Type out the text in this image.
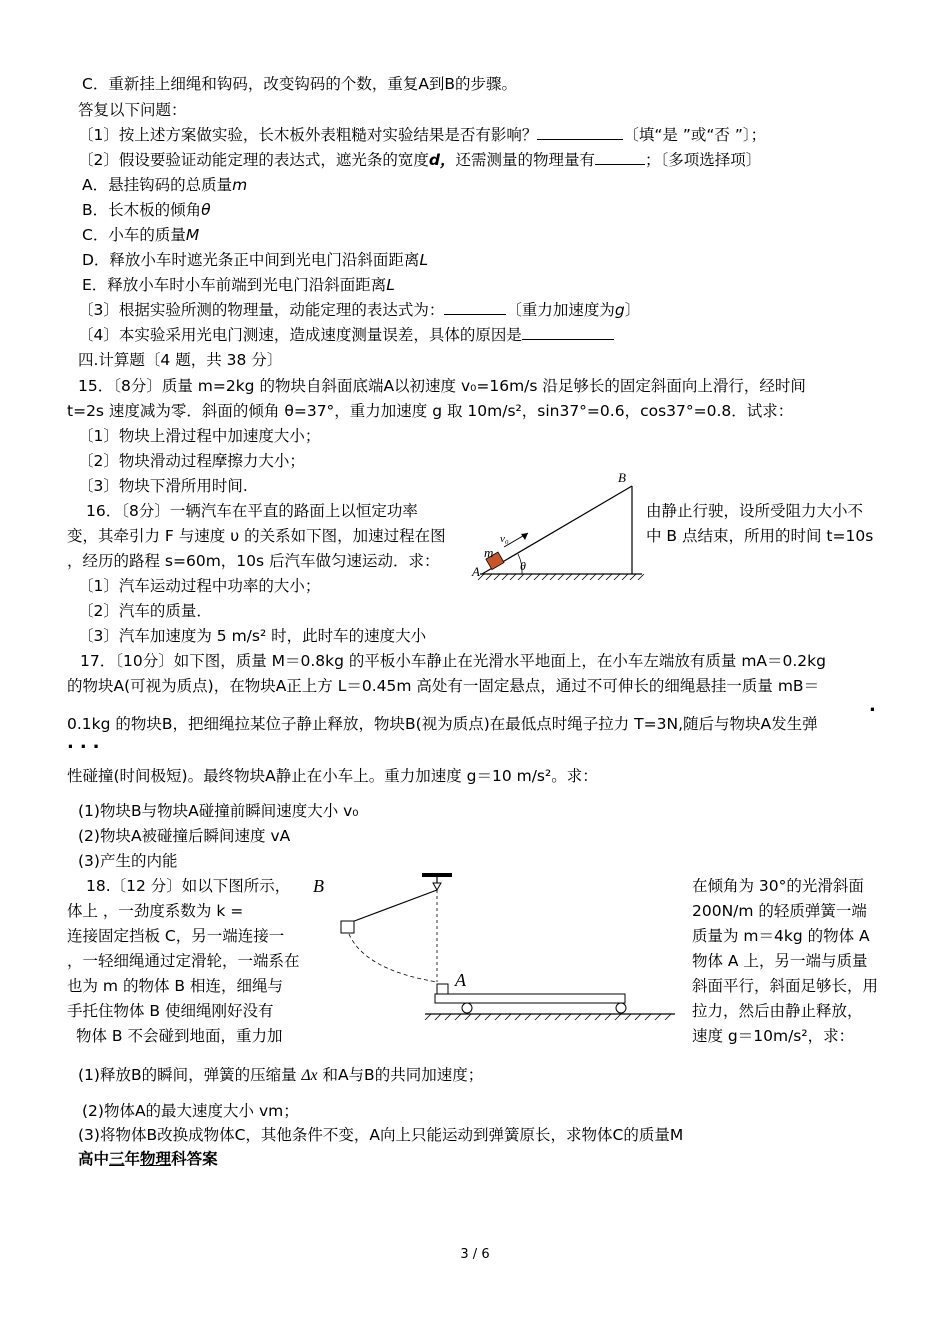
C．重新挂上细绳和钩码，改变钩码的个数，重复A到B的步骤。
答复以下问题：
〔1〕按上述方案做实验，长木板外表粗糙对实验结果是否有影响？	〔填“是 ”或“否 ”〕；
〔2〕假设要验证动能定理的表达式，遮光条的宽度d，还需测量的物理量有	；〔多项选择项〕
A．悬挂钩码的总质量m
B．长木板的倾角θ
C．小车的质量M
D．释放小车时遮光条正中间到光电门沿斜面距离L
E．释放小车时小车前端到光电门沿斜面距离L
〔3〕根据实验所测的物理量，动能定理的表达式为：	〔重力加速度为g〕
〔4〕本实验采用光电门测速，造成速度测量误差，具体的原因是
四.计算题〔4 题，共 38 分〕
15．〔8分〕质量 m=2kg 的物块自斜面底端A以初速度 v₀=16m/s 沿足够长的固定斜面向上滑行，经时间
t=2s 速度减为零．斜面的倾角 θ=37°，重力加速度 g 取 10m/s²，sin37°=0.6，cos37°=0.8．试求：
〔1〕物块上滑过程中加速度大小；
〔2〕物块滑动过程摩擦力大小；
〔3〕物块下滑所用时间.	B
A
m
v₀
θ
16．〔8分〕一辆汽车在平直的路面上以恒定功率	由静止行驶，设所受阻力大小不
变，其牵引力 F 与速度 υ 的关系如下图，加速过程在图	中 B 点结束，所用的时间 t=10s
，经历的路程 s=60m，10s 后汽车做匀速运动．求：
〔1〕汽车运动过程中功率的大小；
〔2〕汽车的质量．
〔3〕汽车加速度为 5 m/s² 时，此时车的速度大小
17．〔10分〕如下图，质量 M＝0.8kg 的平板小车静止在光滑水平地面上，在小车左端放有质量 mA＝0.2kg
的物块A(可视为质点)，在物块A正上方 L＝0.45m 高处有一固定悬点，通过不可伸长的细绳悬挂一质量 mB＝
.
0.1kg 的物块B，把细绳拉某位子静止释放，物块B(视为质点)在最低点时绳子拉力 T=3N,随后与物块A发生弹
...
性碰撞(时间极短)。最终物块A静止在小车上。重力加速度 g＝10 m/s²。求：
(1)物块B与物块A碰撞前瞬间速度大小 v₀
(2)物块A被碰撞后瞬间速度 vA
(3)产生的内能
18.〔12 分〕如以下图所示，	在倾角为 30°的光滑斜面
体上 ，一劲度系数为 k =	200N/m 的轻质弹簧一端
连接固定挡板 C，另一端连接一	质量为 m＝4kg 的物体 A
，一轻细绳通过定滑轮，一端系在	物体 A 上，另一端与质量
也为 m 的物体 B 相连，细绳与	斜面平行，斜面足够长，用
手托住物体 B 使细绳刚好没有	拉力，然后由静止释放，
物体 B 不会碰到地面，重力加	速度 g＝10m/s²，求：
B
A
(1)释放B的瞬间，弹簧的压缩量 Δx 和A与B的共同加速度；
(2)物体A的最大速度大小 vm；
(3)将物体B改换成物体C，其他条件不变，A向上只能运动到弹簧原长，求物体C的质量M
高中三年物理科答案
3 / 6
